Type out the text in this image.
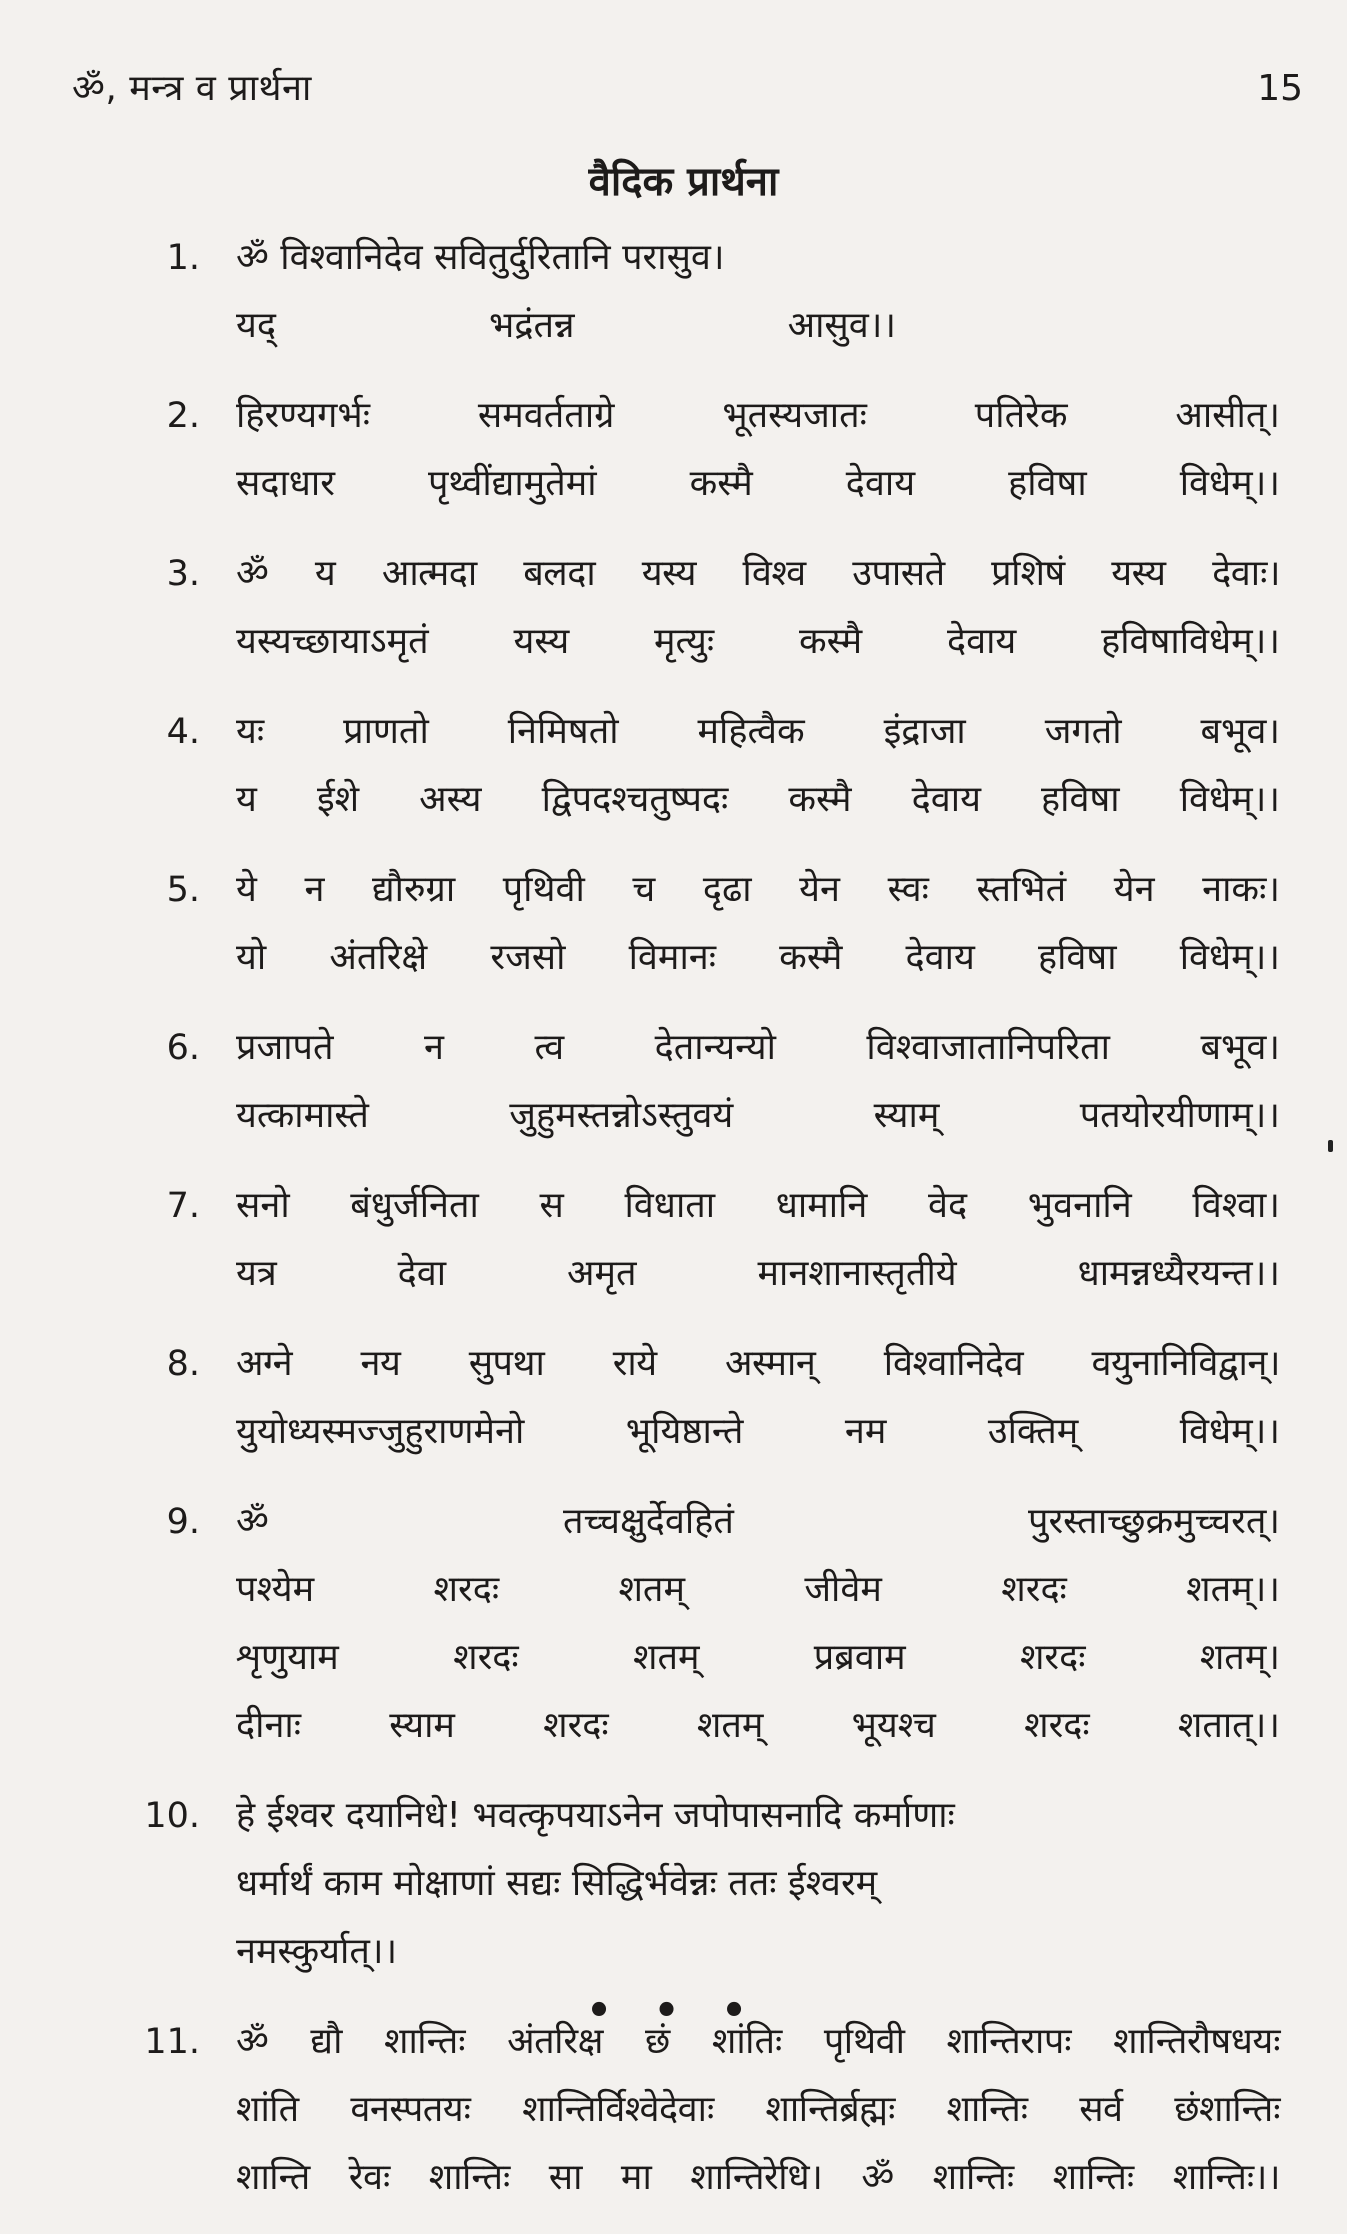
ॐ, मन्त्र व प्रार्थना	15
वैदिक प्रार्थना
1.	ॐ विश्वानिदेव सवितुर्दुरितानि परासुव।
यद् भद्रंतन्न आसुव।।
2.	हिरण्यगर्भः समवर्तताग्रे भूतस्यजातः पतिरेक आसीत्।
सदाधार पृथ्वींद्यामुतेमां कस्मै देवाय हविषा विधेम्।।
3.	ॐ य आत्मदा बलदा यस्य विश्व उपासते प्रशिषं यस्य देवाः।
यस्यच्छायाऽमृतं यस्य मृत्युः कस्मै देवाय हविषाविधेम्।।
4.	यः प्राणतो निमिषतो महित्वैक इंद्राजा जगतो बभूव।
य ईशे अस्य द्विपदश्चतुष्पदः कस्मै देवाय हविषा विधेम्।।
5.	ये न द्यौरुग्रा पृथिवी च दृढा येन स्वः स्तभितं येन नाकः।
यो अंतरिक्षे रजसो विमानः कस्मै देवाय हविषा विधेम्।।
6.	प्रजापते न त्व देतान्यन्यो विश्वाजातानिपरिता बभूव।
यत्कामास्ते जुहुमस्तन्नोऽस्तुवयं स्याम् पतयोरयीणाम्।।
7.	सनो बंधुर्जनिता स विधाता धामानि वेद भुवनानि विश्वा।
यत्र देवा अमृत मानशानास्तृतीये धामन्नध्यैरयन्त।।
8.	अग्ने नय सुपथा राये अस्मान् विश्वानिदेव वयुनानिविद्वान्।
युयोध्यस्मज्जुहुराणमेनो भूयिष्ठान्ते नम उक्तिम् विधेम्।।
9.	ॐ तच्चक्षुर्देवहितं पुरस्ताच्छुक्रमुच्चरत्।
पश्येम शरदः शतम् जीवेम शरदः शतम्।।
शृणुयाम शरदः शतम् प्रब्रवाम शरदः शतम्।
दीनाः स्याम शरदः शतम् भूयश्च शरदः शतात्।।
10.	हे ईश्वर दयानिधे! भवत्कृपयाऽनेन जपोपासनादि कर्माणाः
धर्मार्थं काम मोक्षाणां सद्यः सिद्धिर्भवेन्नः ततः ईश्वरम्
नमस्कुर्यात्।।
11.	ॐ द्यौ शान्तिः अंतरिक्ष छं शांतिः पृथिवी शान्तिरापः शान्तिरौषधयः
शांति वनस्पतयः शान्तिर्विश्वेदेवाः शान्तिर्ब्रह्मः शान्तिः सर्व छंशान्तिः
शान्ति रेवः शान्तिः सा मा शान्तिरेधि। ॐ शान्तिः शान्तिः शान्तिः।।
• • •
